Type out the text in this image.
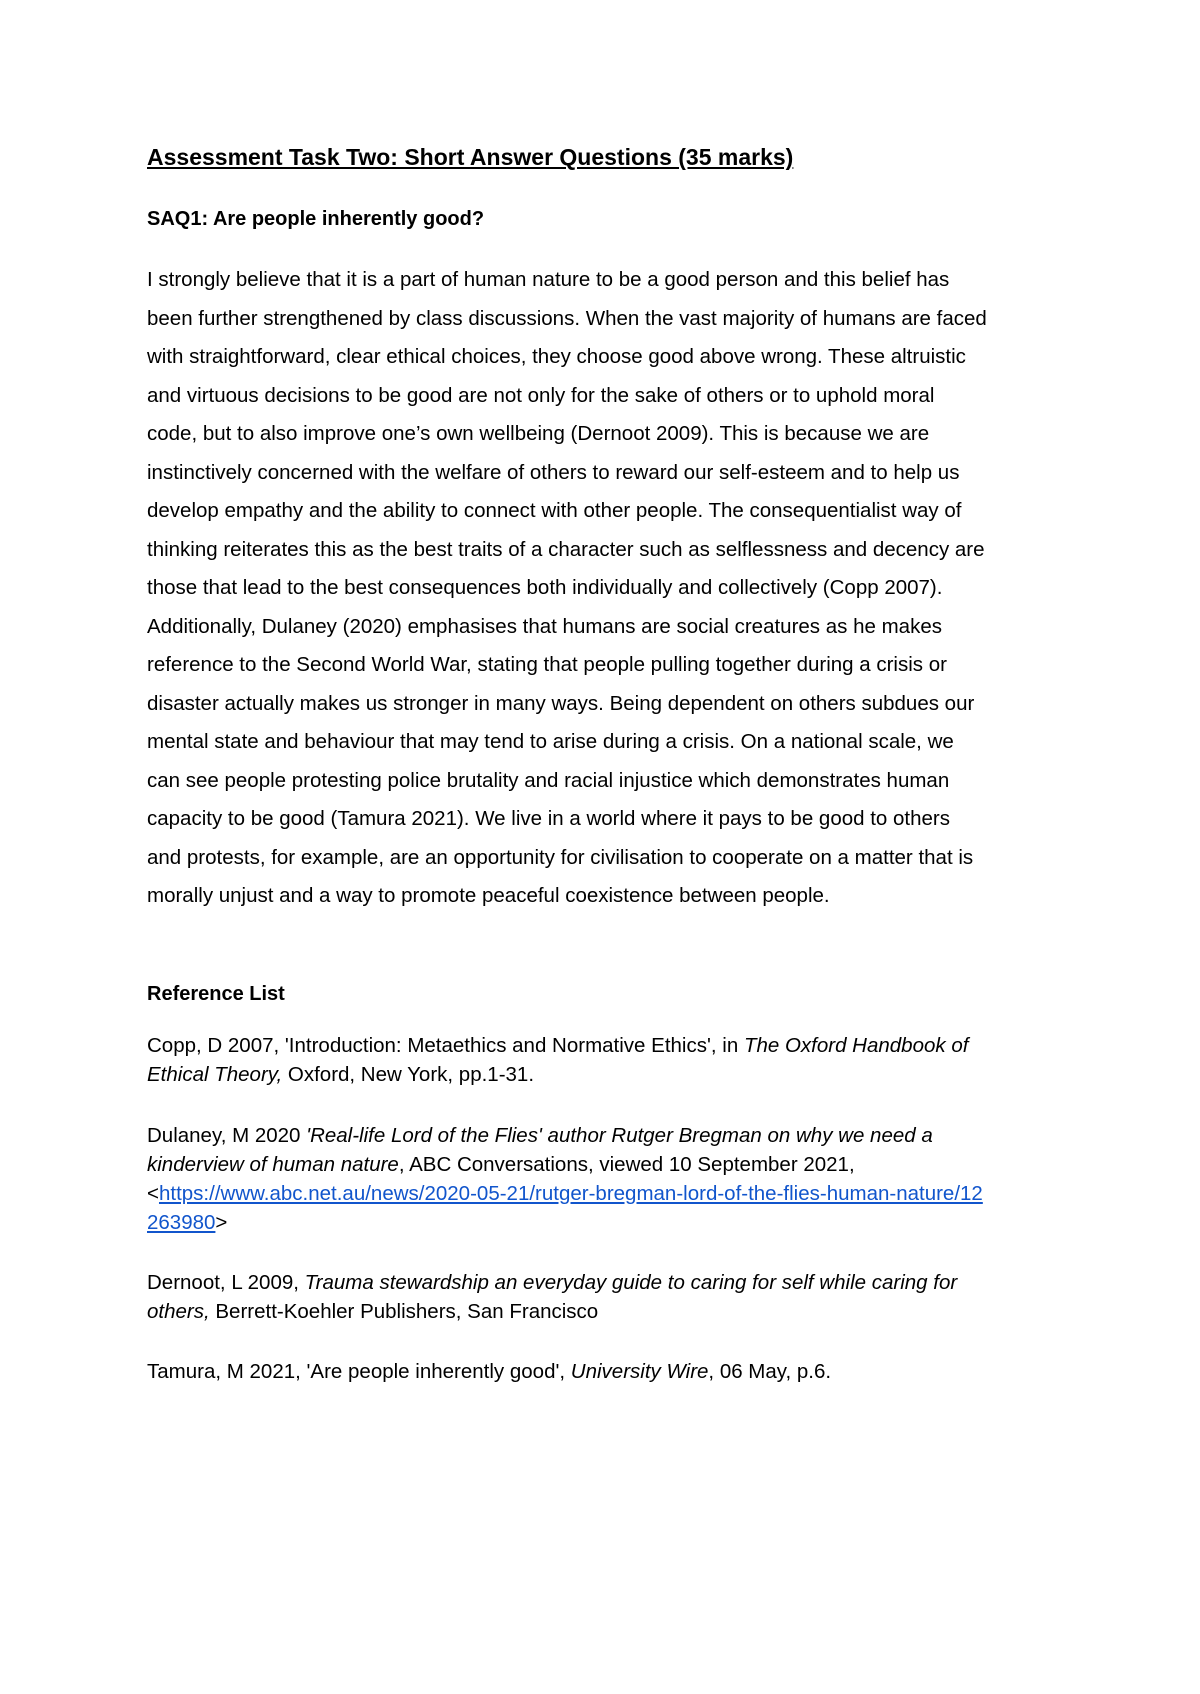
Assessment Task Two: Short Answer Questions (35 marks)
SAQ1: Are people inherently good?
I strongly believe that it is a part of human nature to be a good person and this belief has
been further strengthened by class discussions. When the vast majority of humans are faced
with straightforward, clear ethical choices, they choose good above wrong. These altruistic
and virtuous decisions to be good are not only for the sake of others or to uphold moral
code, but to also improve one’s own wellbeing (Dernoot 2009). This is because we are
instinctively concerned with the welfare of others to reward our self-esteem and to help us
develop empathy and the ability to connect with other people. The consequentialist way of
thinking reiterates this as the best traits of a character such as selflessness and decency are
those that lead to the best consequences both individually and collectively (Copp 2007).
Additionally, Dulaney (2020) emphasises that humans are social creatures as he makes
reference to the Second World War, stating that people pulling together during a crisis or
disaster actually makes us stronger in many ways. Being dependent on others subdues our
mental state and behaviour that may tend to arise during a crisis. On a national scale, we
can see people protesting police brutality and racial injustice which demonstrates human
capacity to be good (Tamura 2021). We live in a world where it pays to be good to others
and protests, for example, are an opportunity for civilisation to cooperate on a matter that is
morally unjust and a way to promote peaceful coexistence between people.
Reference List
Copp, D 2007, 'Introduction: Metaethics and Normative Ethics', in The Oxford Handbook of
Ethical Theory, Oxford, New York, pp.1-31.
Dulaney, M 2020 'Real-life Lord of the Flies' author Rutger Bregman on why we need a
kinderview of human nature, ABC Conversations, viewed 10 September 2021,
<https://www.abc.net.au/news/2020-05-21/rutger-bregman-lord-of-the-flies-human-nature/12
263980>
Dernoot, L 2009, Trauma stewardship an everyday guide to caring for self while caring for
others, Berrett-Koehler Publishers, San Francisco
Tamura, M 2021, 'Are people inherently good', University Wire, 06 May, p.6.
